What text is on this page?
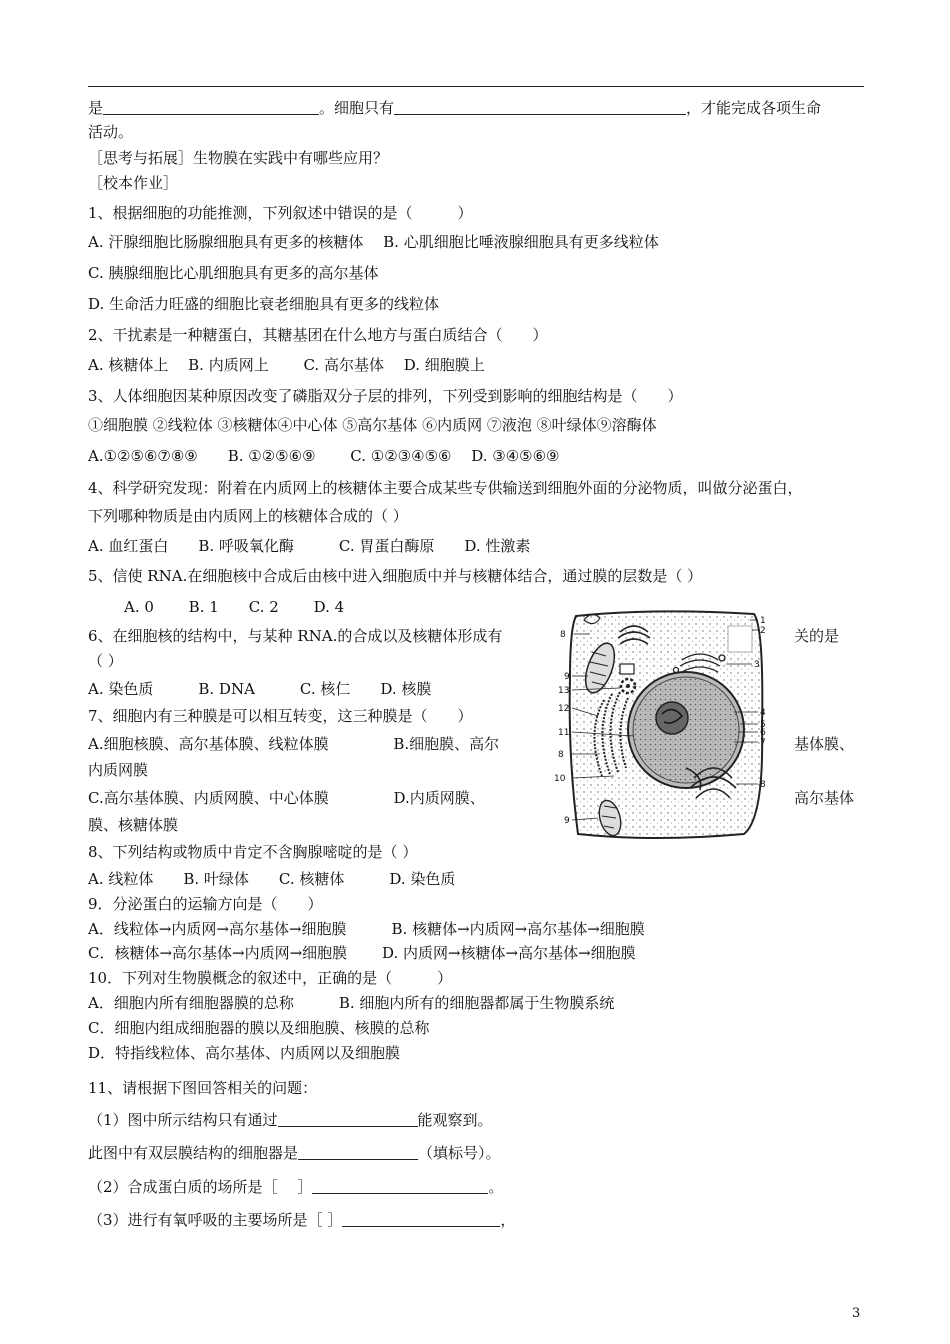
是	。细胞只有	，才能完成各项生命
活动。
［思考与拓展］生物膜在实践中有哪些应用？
［校本作业］
1、根据细胞的功能推测，下列叙述中错误的是（　　　）
A. 汗腺细胞比肠腺细胞具有更多的核糖体　 B. 心肌细胞比唾液腺细胞具有更多线粒体
C. 胰腺细胞比心肌细胞具有更多的高尔基体
D. 生命活力旺盛的细胞比衰老细胞具有更多的线粒体
2、干扰素是一种糖蛋白，其糖基团在什么地方与蛋白质结合（　　）
A. 核糖体上　 B. 内质网上　　 C. 高尔基体　 D. 细胞膜上
3、人体细胞因某种原因改变了磷脂双分子层的排列，下列受到影响的细胞结构是（　　）
①细胞膜 ②线粒体 ③核糖体④中心体 ⑤高尔基体 ⑥内质网 ⑦液泡 ⑧叶绿体⑨溶酶体
A.①②⑤⑥⑦⑧⑨　　B. ①②⑤⑥⑨　　 C. ①②③④⑤⑥　 D. ③④⑤⑥⑨
4、科学研究发现：附着在内质网上的核糖体主要合成某些专供输送到细胞外面的分泌物质，叫做分泌蛋白，
下列哪种物质是由内质网上的核糖体合成的（ ）
A. 血红蛋白　　B. 呼吸氧化酶　　　C. 胃蛋白酶原　　D. 性激素
5、信使 RNA.在细胞核中合成后由核中进入细胞质中并与核糖体结合，通过膜的层数是（ ）
A. 0　　 B. 1　　C. 2　　 D. 4
6、在细胞核的结构中，与某种 RNA.的合成以及核糖体形成有	关的是
（ ）
A. 染色质　　　B. DNA　　　C. 核仁　　D. 核膜
7、细胞内有三种膜是可以相互转变，这三种膜是（　　）
A.细胞核膜、高尔基体膜、线粒体膜　　　　 B.细胞膜、高尔	基体膜、
内质网膜
C.高尔基体膜、内质网膜、中心体膜　　　　 D.内质网膜、	高尔基体
膜、核糖体膜
8、下列结构或物质中肯定不含胸腺嘧啶的是（ ）
A. 线粒体　　B. 叶绿体　　C. 核糖体　　　D. 染色质
9．分泌蛋白的运输方向是（　　）
A．线粒体→内质网→高尔基体→细胞膜　　　B. 核糖体→内质网→高尔基体→细胞膜
C．核糖体→高尔基体→内质网→细胞膜　　 D. 内质网→核糖体→高尔基体→细胞膜
10．下列对生物膜概念的叙述中，正确的是（　　　）
A．细胞内所有细胞器膜的总称　　　B. 细胞内所有的细胞器都属于生物膜系统
C．细胞内组成细胞器的膜以及细胞膜、核膜的总称
D．特指线粒体、高尔基体、内质网以及细胞膜
11、请根据下图回答相关的问题：
（1）图中所示结构只有通过	能观察到。
此图中有双层膜结构的细胞器是	（填标号）。
（2）合成蛋白质的场所是［　 ］	。
（3）进行有氧呼吸的主要场所是［ ］	，
1
2
3
4
5
6
7
8
8
9
13
12
11
8
10
9
3
